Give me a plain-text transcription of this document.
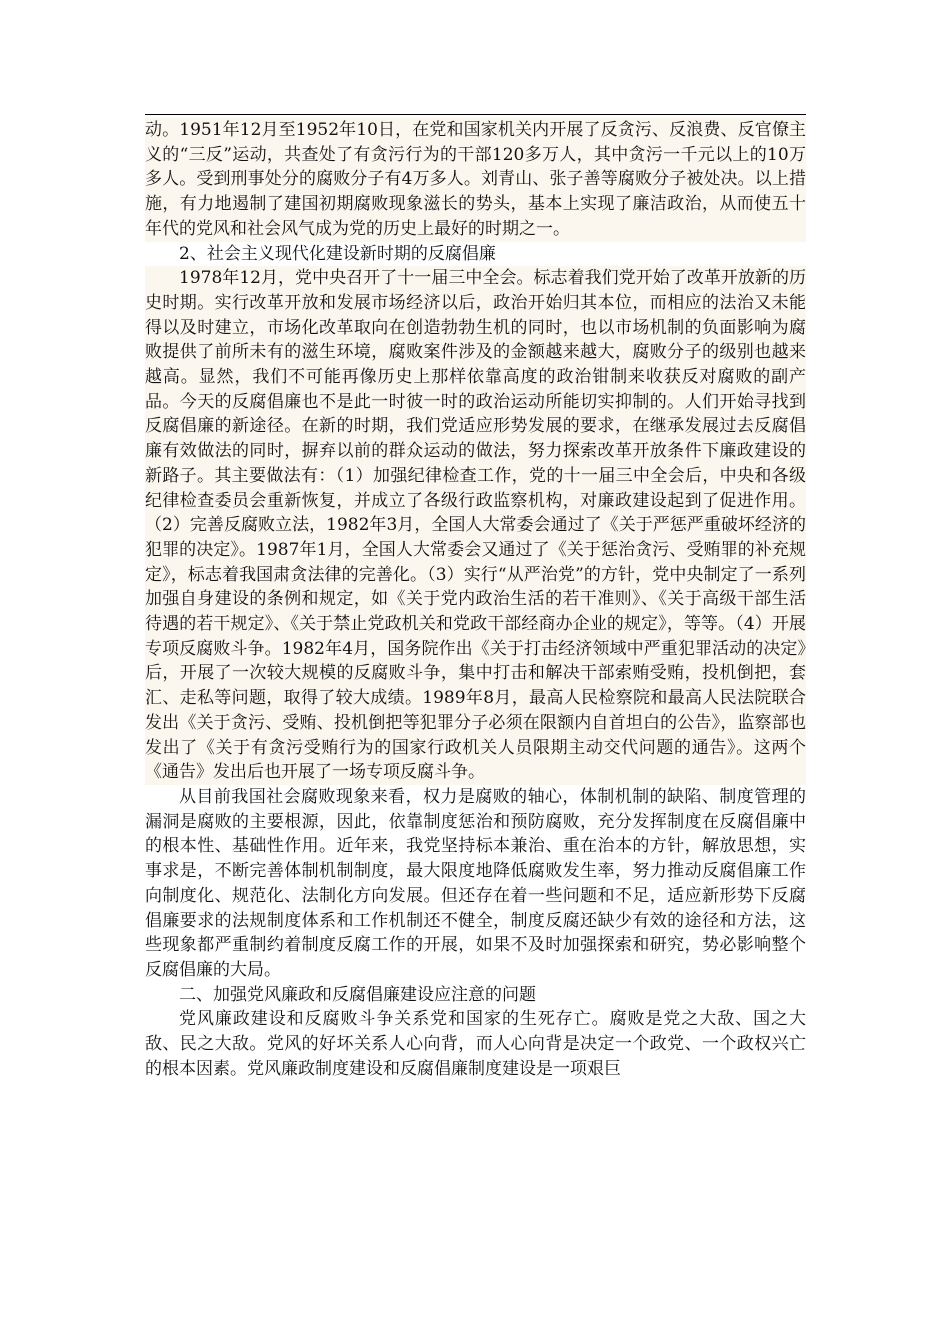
动。1951年12月至1952年10日，在党和国家机关内开展了反贪污、反浪费、反官僚主义的“三反”运动，共查处了有贪污行为的干部120多万人，其中贪污一千元以上的10万多人。受到刑事处分的腐败分子有4万多人。刘青山、张子善等腐败分子被处决。以上措施，有力地遏制了建国初期腐败现象滋长的势头，基本上实现了廉洁政治，从而使五十年代的党风和社会风气成为党的历史上最好的时期之一。

2、社会主义现代化建设新时期的反腐倡廉

1978年12月，党中央召开了十一届三中全会。标志着我们党开始了改革开放新的历史时期。实行改革开放和发展市场经济以后，政治开始归其本位，而相应的法治又未能得以及时建立，市场化改革取向在创造勃勃生机的同时，也以市场机制的负面影响为腐败提供了前所未有的滋生环境，腐败案件涉及的金额越来越大，腐败分子的级别也越来越高。显然，我们不可能再像历史上那样依靠高度的政治钳制来收获反对腐败的副产品。今天的反腐倡廉也不是此一时彼一时的政治运动所能切实抑制的。人们开始寻找到反腐倡廉的新途径。在新的时期，我们党适应形势发展的要求，在继承发展过去反腐倡廉有效做法的同时，摒弃以前的群众运动的做法，努力探索改革开放条件下廉政建设的新路子。其主要做法有：（1）加强纪律检查工作，党的十一届三中全会后，中央和各级纪律检查委员会重新恢复，并成立了各级行政监察机构，对廉政建设起到了促进作用。（2）完善反腐败立法，1982年3月，全国人大常委会通过了《关于严惩严重破坏经济的犯罪的决定》。1987年1月，全国人大常委会又通过了《关于惩治贪污、受贿罪的补充规定》，标志着我国肃贪法律的完善化。（3）实行“从严治党”的方针，党中央制定了一系列加强自身建设的条例和规定，如《关于党内政治生活的若干准则》、《关于高级干部生活待遇的若干规定》、《关于禁止党政机关和党政干部经商办企业的规定》，等等。（4）开展专项反腐败斗争。1982年4月，国务院作出《关于打击经济领域中严重犯罪活动的决定》后，开展了一次较大规模的反腐败斗争，集中打击和解决干部索贿受贿，投机倒把，套汇、走私等问题，取得了较大成绩。1989年8月，最高人民检察院和最高人民法院联合发出《关于贪污、受贿、投机倒把等犯罪分子必须在限额内自首坦白的公告》，监察部也发出了《关于有贪污受贿行为的国家行政机关人员限期主动交代问题的通告》。这两个《通告》发出后也开展了一场专项反腐斗争。

从目前我国社会腐败现象来看，权力是腐败的轴心，体制机制的缺陷、制度管理的漏洞是腐败的主要根源，因此，依靠制度惩治和预防腐败，充分发挥制度在反腐倡廉中的根本性、基础性作用。近年来，我党坚持标本兼治、重在治本的方针，解放思想，实事求是，不断完善体制机制制度，最大限度地降低腐败发生率，努力推动反腐倡廉工作向制度化、规范化、法制化方向发展。但还存在着一些问题和不足，适应新形势下反腐倡廉要求的法规制度体系和工作机制还不健全，制度反腐还缺少有效的途径和方法，这些现象都严重制约着制度反腐工作的开展，如果不及时加强探索和研究，势必影响整个反腐倡廉的大局。

二、加强党风廉政和反腐倡廉建设应注意的问题

党风廉政建设和反腐败斗争关系党和国家的生死存亡。腐败是党之大敌、国之大敌、民之大敌。党风的好坏关系人心向背，而人心向背是决定一个政党、一个政权兴亡的根本因素。党风廉政制度建设和反腐倡廉制度建设是一项艰巨
